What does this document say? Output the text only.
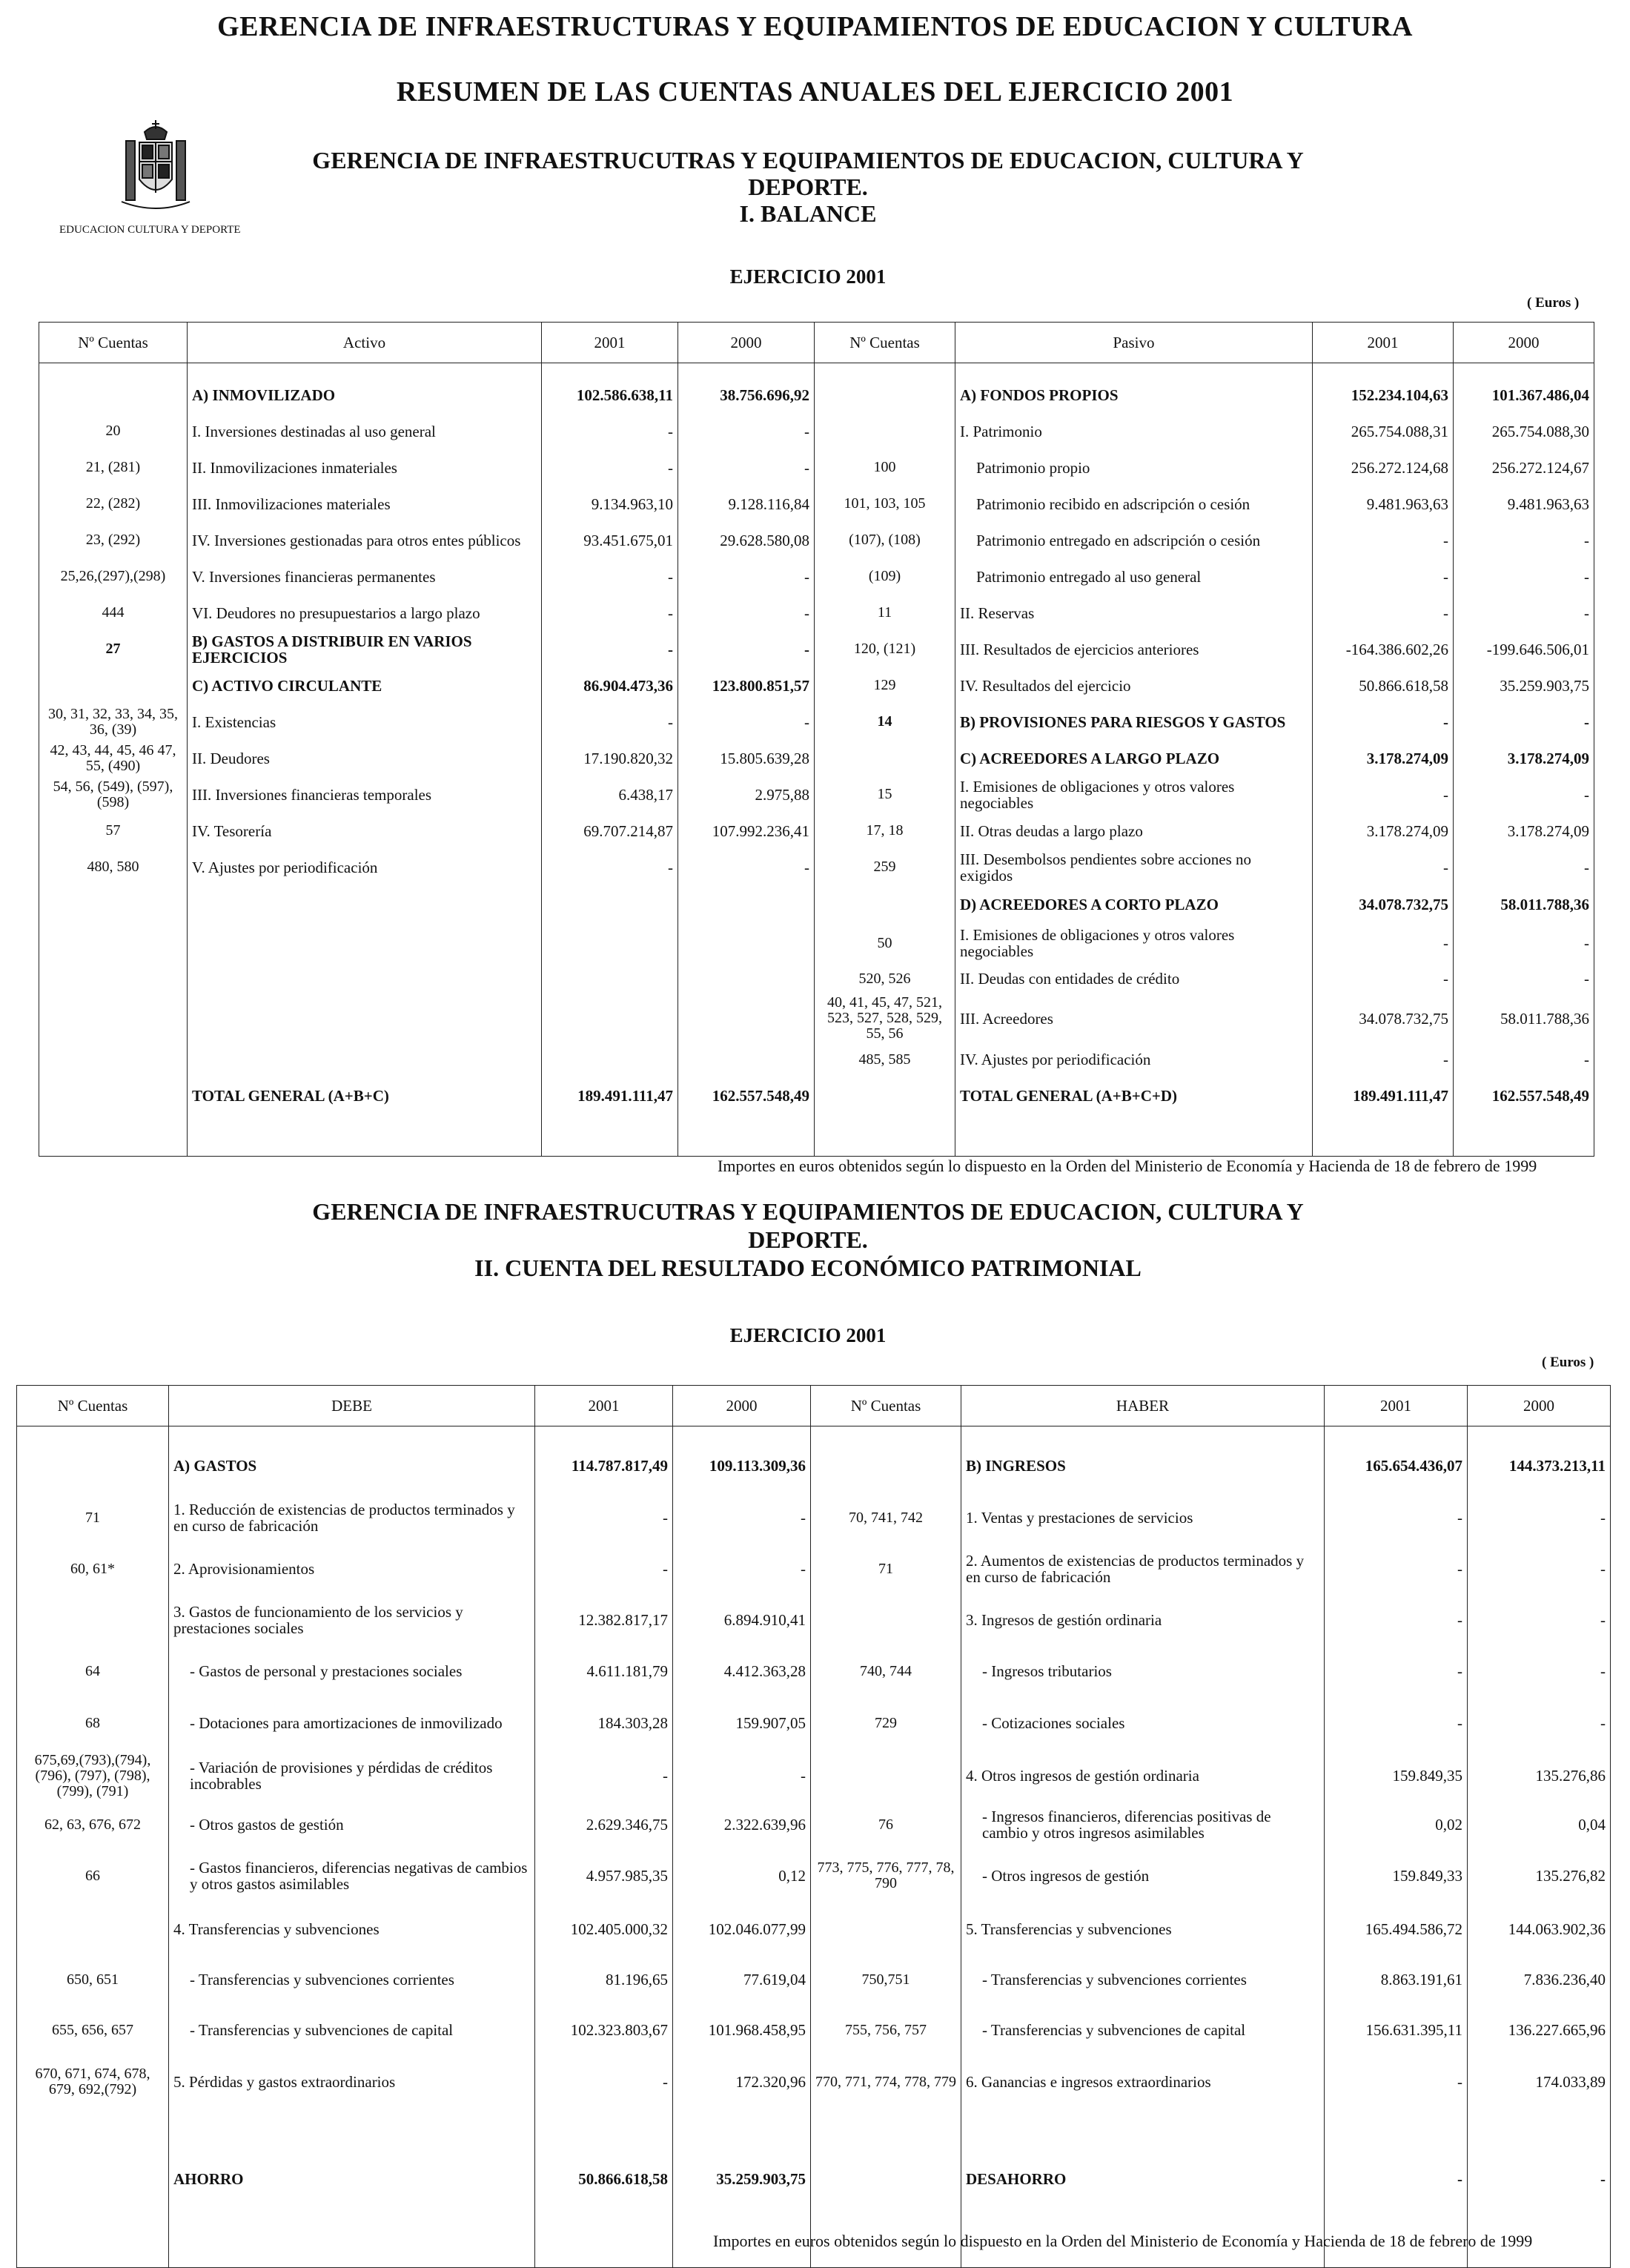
GERENCIA DE INFRAESTRUCTURAS Y EQUIPAMIENTOS DE EDUCACION Y CULTURA
RESUMEN DE LAS CUENTAS ANUALES DEL EJERCICIO 2001
EDUCACION CULTURA Y DEPORTE
GERENCIA DE INFRAESTRUCUTRAS Y EQUIPAMIENTOS DE EDUCACION, CULTURA Y
DEPORTE.
I. BALANCE
EJERCICIO 2001
( Euros )
Nº Cuentas	Activo	2001	2000	Nº Cuentas	Pasivo	2001	2000
	A) INMOVILIZADO	102.586.638,11	38.756.696,92		A) FONDOS PROPIOS	152.234.104,63	101.367.486,04
20	I. Inversiones destinadas al uso general	-	-		I. Patrimonio	265.754.088,31	265.754.088,30
21, (281)	II. Inmovilizaciones inmateriales	-	-	100	Patrimonio propio	256.272.124,68	256.272.124,67
22, (282)	III. Inmovilizaciones materiales	9.134.963,10	9.128.116,84	101, 103, 105	Patrimonio recibido en adscripción o cesión	9.481.963,63	9.481.963,63
23, (292)	IV. Inversiones gestionadas para otros entes públicos	93.451.675,01	29.628.580,08	(107), (108)	Patrimonio entregado en adscripción o cesión	-	-
25,26,(297),(298)	V. Inversiones financieras permanentes	-	-	(109)	Patrimonio entregado al uso general	-	-
444	VI. Deudores no presupuestarios a largo plazo	-	-	11	II. Reservas	-	-
27	B) GASTOS A DISTRIBUIR EN VARIOS EJERCICIOS	-	-	120, (121)	III. Resultados de ejercicios anteriores	-164.386.602,26	-199.646.506,01
	C) ACTIVO CIRCULANTE	86.904.473,36	123.800.851,57	129	IV. Resultados del ejercicio	50.866.618,58	35.259.903,75
30, 31, 32, 33, 34, 35, 36, (39)	I. Existencias	-	-	14	B) PROVISIONES PARA RIESGOS Y GASTOS	-	-
42, 43, 44, 45, 46 47, 55, (490)	II. Deudores	17.190.820,32	15.805.639,28		C) ACREEDORES A LARGO PLAZO	3.178.274,09	3.178.274,09
54, 56, (549), (597), (598)	III. Inversiones financieras temporales	6.438,17	2.975,88	15	I. Emisiones de obligaciones y otros valores negociables	-	-
57	IV. Tesorería	69.707.214,87	107.992.236,41	17, 18	II. Otras deudas a largo plazo	3.178.274,09	3.178.274,09
480, 580	V. Ajustes por periodificación	-	-	259	III. Desembolsos pendientes sobre acciones no exigidos	-	-
					D) ACREEDORES A CORTO PLAZO	34.078.732,75	58.011.788,36
				50	I. Emisiones de obligaciones y otros valores negociables	-	-
				520, 526	II. Deudas con entidades de crédito	-	-
				40, 41, 45, 47, 521, 523, 527, 528, 529, 55, 56	III. Acreedores	34.078.732,75	58.011.788,36
				485, 585	IV. Ajustes por periodificación	-	-
	TOTAL GENERAL (A+B+C)	189.491.111,47	162.557.548,49		TOTAL GENERAL (A+B+C+D)	189.491.111,47	162.557.548,49
Importes en euros obtenidos según lo dispuesto en la Orden del Ministerio de Economía y Hacienda de 18 de febrero de 1999
GERENCIA DE INFRAESTRUCUTRAS Y EQUIPAMIENTOS DE EDUCACION, CULTURA Y
DEPORTE.
II. CUENTA DEL RESULTADO ECONÓMICO PATRIMONIAL
EJERCICIO 2001
( Euros )
Nº Cuentas	DEBE	2001	2000	Nº Cuentas	HABER	2001	2000
	A) GASTOS	114.787.817,49	109.113.309,36		B) INGRESOS	165.654.436,07	144.373.213,11
71	1. Reducción de existencias de productos terminados y en curso de fabricación	-	-	70, 741, 742	1. Ventas y prestaciones de servicios	-	-
60, 61*	2. Aprovisionamientos	-	-	71	2. Aumentos de existencias de productos terminados y en curso de fabricación	-	-
	3. Gastos de funcionamiento de los servicios y prestaciones sociales	12.382.817,17	6.894.910,41		3. Ingresos de gestión ordinaria	-	-
64	- Gastos de personal y prestaciones sociales	4.611.181,79	4.412.363,28	740, 744	- Ingresos tributarios	-	-
68	- Dotaciones para amortizaciones de inmovilizado	184.303,28	159.907,05	729	- Cotizaciones sociales	-	-
675,69,(793),(794), (796), (797), (798), (799), (791)	- Variación de provisiones y pérdidas de créditos incobrables	-	-		4. Otros ingresos de gestión ordinaria	159.849,35	135.276,86
62, 63, 676, 672	- Otros gastos de gestión	2.629.346,75	2.322.639,96	76	- Ingresos financieros, diferencias positivas de cambio y otros ingresos asimilables	0,02	0,04
66	- Gastos financieros, diferencias negativas de cambios y otros gastos asimilables	4.957.985,35	0,12	773, 775, 776, 777, 78, 790	- Otros ingresos de gestión	159.849,33	135.276,82
	4. Transferencias y subvenciones	102.405.000,32	102.046.077,99		5. Transferencias y subvenciones	165.494.586,72	144.063.902,36
650, 651	- Transferencias y subvenciones corrientes	81.196,65	77.619,04	750,751	- Transferencias y subvenciones corrientes	8.863.191,61	7.836.236,40
655, 656, 657	- Transferencias y subvenciones de capital	102.323.803,67	101.968.458,95	755, 756, 757	- Transferencias y subvenciones de capital	156.631.395,11	136.227.665,96
670, 671, 674, 678, 679, 692,(792)	5. Pérdidas y gastos extraordinarios	-	172.320,96	770, 771, 774, 778, 779	6. Ganancias e ingresos extraordinarios	-	174.033,89

	AHORRO	50.866.618,58	35.259.903,75		DESAHORRO	-	-
Importes en euros obtenidos según lo dispuesto en la Orden del Ministerio de Economía y Hacienda de 18 de febrero de 1999
